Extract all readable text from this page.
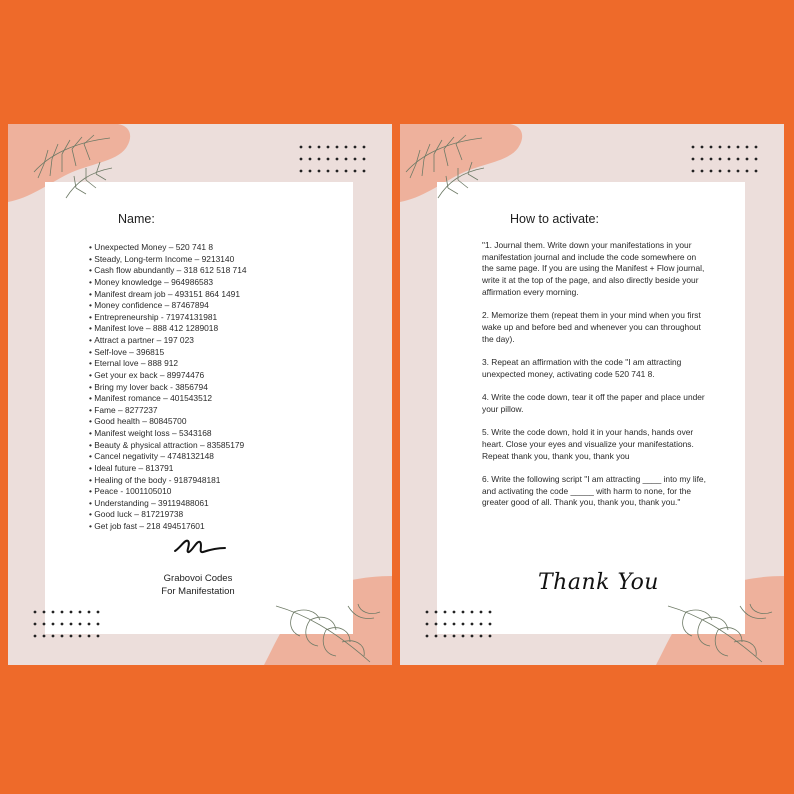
Name:
• Unexpected Money – 520 741 8
• Steady, Long-term Income – 9213140
• Cash flow abundantly – 318 612 518 714
• Money knowledge – 964986583
• Manifest dream job – 493151 864 1491
• Money confidence – 87467894
• Entrepreneurship - 71974131981
• Manifest love – 888 412 1289018
• Attract a partner – 197 023
• Self-love – 396815
• Eternal love – 888 912
• Get your ex back – 89974476
• Bring my lover back - 3856794
• Manifest romance – 401543512
• Fame – 8277237
• Good health – 80845700
• Manifest weight loss – 5343168
• Beauty & physical attraction – 83585179
• Cancel negativity – 4748132148
• Ideal future – 813791
• Healing of the body - 9187948181
• Peace - 1001105010
• Understanding – 39119488061
• Good luck – 817219738
• Get job fast – 218 494517601

Grabovoi Codes
For Manifestation

How to activate:

"1. Journal them. Write down your manifestations in your manifestation journal and include the code somewhere on the same page. If you are using the Manifest + Flow journal, write it at the top of the page, and also directly beside your affirmation every morning.

2. Memorize them (repeat them in your mind when you first wake up and before bed and whenever you can throughout the day).

3. Repeat an affirmation with the code "I am attracting unexpected money, activating code 520 741 8.

4. Write the code down, tear it off the paper and place under your pillow.

5. Write the code down, hold it in your hands, hands over heart. Close your eyes and visualize your manifestations. Repeat thank you, thank you, thank you

6. Write the following script "I am attracting ____ into my life, and activating the code _____ with harm to none, for the greater good of all. Thank you, thank you, thank you."

Thank You
